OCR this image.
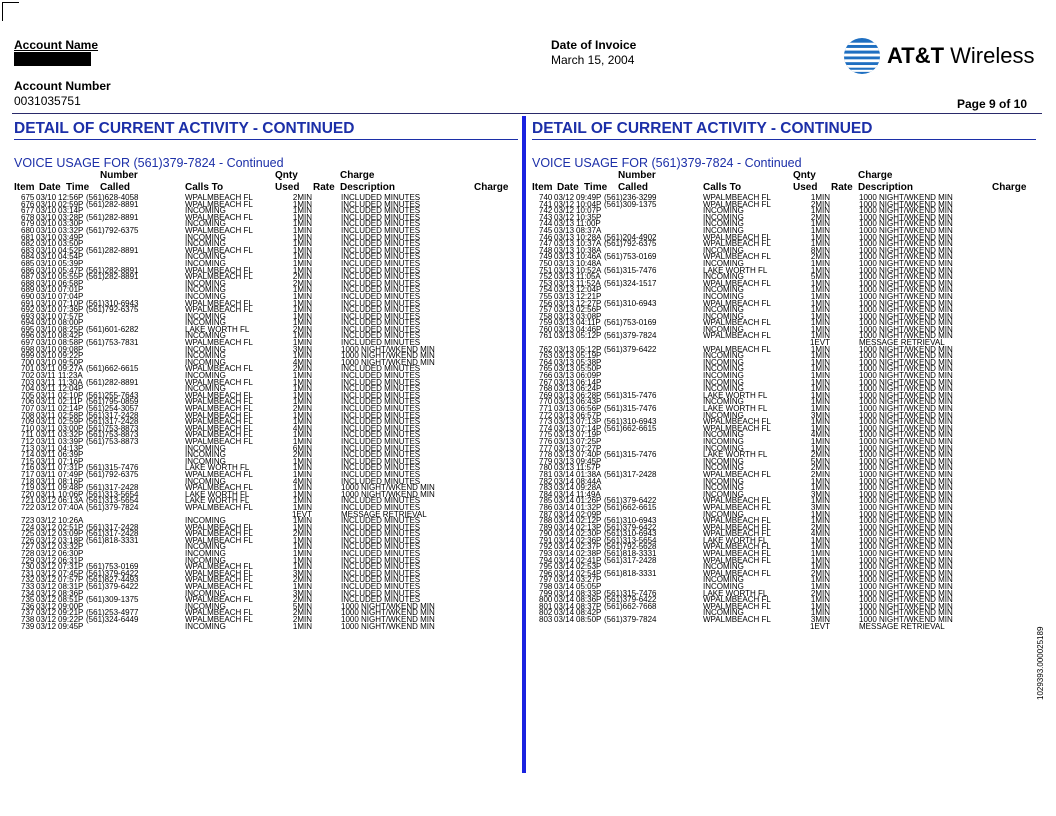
Account Name
Account Number
0031035751
Date of Invoice
March 15, 2004	AT&T Wireless
Page 9 of 10
DETAIL OF CURRENT ACTIVITY - CONTINUED
VOICE USAGE FOR (561)379-7824 - Continued
Number	Qnty	Charge
Item Date Time Called	Calls To	Used Rate Description	Charge
675 03/10 12:56P (561)628-4058	WPALMBEACH FL	2MIN	INCLUDED MINUTES
676 03/10 02:59P (561)282-8891	WPALMBEACH FL	1MIN	INCLUDED MINUTES
677 03/10 03:14P	INCOMING	1MIN	INCLUDED MINUTES
678 03/10 03:28P (561)282-8891	WPALMBEACH FL	1MIN	INCLUDED MINUTES
679 03/10 03:30P	INCOMING	1MIN	INCLUDED MINUTES
680 03/10 03:32P (561)792-6375	WPALMBEACH FL	1MIN	INCLUDED MINUTES
681 03/10 03:49P	INCOMING	1MIN	INCLUDED MINUTES
682 03/10 03:50P	INCOMING	1MIN	INCLUDED MINUTES
683 03/10 04:52P (561)282-8891	WPALMBEACH FL	1MIN	INCLUDED MINUTES
684 03/10 04:54P	INCOMING	1MIN	INCLUDED MINUTES
685 03/10 05:39P	INCOMING	1MIN	INCLUDED MINUTES
686 03/10 05:47P (561)282-8891	WPALMBEACH FL	1MIN	INCLUDED MINUTES
687 03/10 05:55P (561)282-8891	WPALMBEACH FL	2MIN	INCLUDED MINUTES
688 03/10 06:58P	INCOMING	2MIN	INCLUDED MINUTES
689 03/10 07:01P	INCOMING	1MIN	INCLUDED MINUTES
690 03/10 07:04P	INCOMING	1MIN	INCLUDED MINUTES
691 03/10 07:10P (561)310-6943	WPALMBEACH FL	1MIN	INCLUDED MINUTES
692 03/10 07:36P (561)792-6375	WPALMBEACH FL	1MIN	INCLUDED MINUTES
693 03/10 07:57P	INCOMING	1MIN	INCLUDED MINUTES
694 03/10 08:00P	INCOMING	1MIN	INCLUDED MINUTES
695 03/10 08:25P (561)601-6282	LAKE WORTH FL	2MIN	INCLUDED MINUTES
696 03/10 08:42P	INCOMING	1MIN	INCLUDED MINUTES
697 03/10 08:58P (561)753-7831	WPALMBEACH FL	1MIN	INCLUDED MINUTES
698 03/10 09:08P	INCOMING	3MIN	1000 NIGHT/WKEND MIN
699 03/10 09:22P	INCOMING	1MIN	1000 NIGHT/WKEND MIN
700 03/10 09:50P	INCOMING	4MIN	1000 NIGHT/WKEND MIN
701 03/11 09:27A (561)662-6615	WPALMBEACH FL	2MIN	INCLUDED MINUTES
702 03/11 11:23A	INCOMING	1MIN	INCLUDED MINUTES
703 03/11 11:30A (561)282-8891	WPALMBEACH FL	1MIN	INCLUDED MINUTES
704 03/11 12:04P	INCOMING	1MIN	INCLUDED MINUTES
705 03/11 02:10P (561)255-7643	WPALMBEACH FL	1MIN	INCLUDED MINUTES
706 03/11 02:11P (561)795-0859	WPALMBEACH FL	1MIN	INCLUDED MINUTES
707 03/11 02:14P (561)254-3057	WPALMBEACH FL	2MIN	INCLUDED MINUTES
708 03/11 02:58P (561)317-2428	WPALMBEACH FL	1MIN	INCLUDED MINUTES
709 03/11 02:59P (561)317-2428	WPALMBEACH FL	1MIN	INCLUDED MINUTES
710 03/11 03:00P (561)753-8873	WPALMBEACH FL	4MIN	INCLUDED MINUTES
711 03/11 03:32P (561)753-8873	WPALMBEACH FL	1MIN	INCLUDED MINUTES
712 03/11 03:39P (561)753-8873	WPALMBEACH FL	1MIN	INCLUDED MINUTES
713 03/11 04:13P	INCOMING	6MIN	INCLUDED MINUTES
714 03/11 06:39P	INCOMING	2MIN	INCLUDED MINUTES
715 03/11 07:16P	INCOMING	1MIN	INCLUDED MINUTES
716 03/11 07:31P (561)315-7476	LAKE WORTH FL	1MIN	INCLUDED MINUTES
717 03/11 07:49P (561)792-6375	WPALMBEACH FL	1MIN	INCLUDED MINUTES
718 03/11 08:16P	INCOMING	4MIN	INCLUDED MINUTES
719 03/11 09:48P (561)317-2428	WPALMBEACH FL	1MIN	1000 NIGHT/WKEND MIN
720 03/11 10:06P (561)313-5654	LAKE WORTH FL	1MIN	1000 NIGHT/WKEND MIN
721 03/12 06:13A (561)313-5654	LAKE WORTH FL	1MIN	INCLUDED MINUTES
722 03/12 07:40A (561)379-7824	WPALMBEACH FL	1MIN	INCLUDED MINUTES
1EVT	MESSAGE RETRIEVAL
723 03/12 10:26A	INCOMING	1MIN	INCLUDED MINUTES
724 03/12 02:51P (561)317-2428	WPALMBEACH FL	1MIN	INCLUDED MINUTES
725 03/12 03:09P (561)317-2428	WPALMBEACH FL	2MIN	INCLUDED MINUTES
726 03/12 03:18P (561)818-3331	WPALMBEACH FL	1MIN	INCLUDED MINUTES
727 03/12 03:32P	INCOMING	1MIN	INCLUDED MINUTES
728 03/12 06:30P	INCOMING	1MIN	INCLUDED MINUTES
729 03/12 06:31P	INCOMING	1MIN	INCLUDED MINUTES
730 03/12 07:31P (561)753-0169	WPALMBEACH FL	1MIN	INCLUDED MINUTES
731 03/12 07:45P (561)379-6422	WPALMBEACH FL	3MIN	INCLUDED MINUTES
732 03/12 07:57P (561)827-4493	WPALMBEACH FL	2MIN	INCLUDED MINUTES
733 03/12 08:31P (561)379-6422	WPALMBEACH FL	1MIN	INCLUDED MINUTES
734 03/12 08:36P	INCOMING	3MIN	INCLUDED MINUTES
735 03/12 08:51P (561)309-1375	WPALMBEACH FL	2MIN	INCLUDED MINUTES
736 03/12 09:00P	INCOMING	5MIN	1000 NIGHT/WKEND MIN
737 03/12 09:21P (561)253-4977	WPALMBEACH FL	2MIN	1000 NIGHT/WKEND MIN
738 03/12 09:22P (561)324-6449	WPALMBEACH FL	2MIN	1000 NIGHT/WKEND MIN
739 03/12 09:45P	INCOMING	1MIN	1000 NIGHT/WKEND MIN
DETAIL OF CURRENT ACTIVITY - CONTINUED
VOICE USAGE FOR (561)379-7824 - Continued
Number	Qnty	Charge
Item Date Time Called	Calls To	Used Rate Description	Charge
740 03/12 09:49P (561)236-3299	WPALMBEACH FL	1MIN	1000 NIGHT/WKEND MIN
741 03/12 10:04P (561)309-1375	WPALMBEACH FL	2MIN	1000 NIGHT/WKEND MIN
742 03/12 10:07P	INCOMING	1MIN	1000 NIGHT/WKEND MIN
743 03/12 10:35P	INCOMING	2MIN	1000 NIGHT/WKEND MIN
744 03/13 11:00P	INCOMING	1MIN	1000 NIGHT/WKEND MIN
745 03/13 08:37A	INCOMING	1MIN	1000 NIGHT/WKEND MIN
746 03/13 10:28A (561)204-4902	WPALMBEACH FL	1MIN	1000 NIGHT/WKEND MIN
747 03/13 10:37A (561)792-6375	WPALMBEACH FL	1MIN	1000 NIGHT/WKEND MIN
748 03/13 10:38A	INCOMING	8MIN	1000 NIGHT/WKEND MIN
749 03/13 10:46A (561)753-0169	WPALMBEACH FL	2MIN	1000 NIGHT/WKEND MIN
750 03/13 10:48A	INCOMING	1MIN	1000 NIGHT/WKEND MIN
751 03/13 10:52A (561)315-7476	LAKE WORTH FL	1MIN	1000 NIGHT/WKEND MIN
752 03/13 11:05A	INCOMING	5MIN	1000 NIGHT/WKEND MIN
753 03/13 11:52A (561)324-1517	WPALMBEACH FL	1MIN	1000 NIGHT/WKEND MIN
754 03/13 12:04P	INCOMING	1MIN	1000 NIGHT/WKEND MIN
755 03/13 12:21P	INCOMING	1MIN	1000 NIGHT/WKEND MIN
756 03/13 12:27P (561)310-6943	WPALMBEACH FL	1MIN	1000 NIGHT/WKEND MIN
757 03/13 02:56P	INCOMING	1MIN	1000 NIGHT/WKEND MIN
758 03/13 03:08P	INCOMING	1MIN	1000 NIGHT/WKEND MIN
759 03/13 04:11P (561)753-0169	WPALMBEACH FL	1MIN	1000 NIGHT/WKEND MIN
760 03/13 04:46P	INCOMING	1MIN	1000 NIGHT/WKEND MIN
761 03/13 05:12P (561)379-7824	WPALMBEACH FL	1MIN	1000 NIGHT/WKEND MIN
1EVT	MESSAGE RETRIEVAL
762 03/13 05:12P (561)379-6422	WPALMBEACH FL	1MIN	1000 NIGHT/WKEND MIN
763 03/13 05:19P	INCOMING	1MIN	1000 NIGHT/WKEND MIN
764 03/13 05:38P	INCOMING	1MIN	1000 NIGHT/WKEND MIN
765 03/13 05:50P	INCOMING	1MIN	1000 NIGHT/WKEND MIN
766 03/13 06:09P	INCOMING	1MIN	1000 NIGHT/WKEND MIN
767 03/13 06:14P	INCOMING	1MIN	1000 NIGHT/WKEND MIN
768 03/13 06:24P	INCOMING	1MIN	1000 NIGHT/WKEND MIN
769 03/13 06:28P (561)315-7476	LAKE WORTH FL	1MIN	1000 NIGHT/WKEND MIN
770 03/13 06:43P	INCOMING	1MIN	1000 NIGHT/WKEND MIN
771 03/13 06:56P (561)315-7476	LAKE WORTH FL	1MIN	1000 NIGHT/WKEND MIN
772 03/13 06:57P	INCOMING	3MIN	1000 NIGHT/WKEND MIN
773 03/13 07:13P (561)310-6943	WPALMBEACH FL	1MIN	1000 NIGHT/WKEND MIN
774 03/13 07:14P (561)662-6615	WPALMBEACH FL	1MIN	1000 NIGHT/WKEND MIN
775 03/13 07:19P	INCOMING	4MIN	1000 NIGHT/WKEND MIN
776 03/13 07:25P	INCOMING	1MIN	1000 NIGHT/WKEND MIN
777 03/13 07:27P	INCOMING	1MIN	1000 NIGHT/WKEND MIN
778 03/13 07:40P (561)315-7476	LAKE WORTH FL	2MIN	1000 NIGHT/WKEND MIN
779 03/13 09:45P	INCOMING	5MIN	1000 NIGHT/WKEND MIN
780 03/13 11:57P	INCOMING	2MIN	1000 NIGHT/WKEND MIN
781 03/14 01:38A (561)317-2428	WPALMBEACH FL	2MIN	1000 NIGHT/WKEND MIN
782 03/14 08:44A	INCOMING	1MIN	1000 NIGHT/WKEND MIN
783 03/14 09:28A	INCOMING	1MIN	1000 NIGHT/WKEND MIN
784 03/14 11:49A	INCOMING	3MIN	1000 NIGHT/WKEND MIN
785 03/14 01:26P (561)379-6422	WPALMBEACH FL	1MIN	1000 NIGHT/WKEND MIN
786 03/14 01:32P (561)662-6615	WPALMBEACH FL	3MIN	1000 NIGHT/WKEND MIN
787 03/14 02:09P	INCOMING	1MIN	1000 NIGHT/WKEND MIN
788 03/14 02:12P (561)310-6943	WPALMBEACH FL	1MIN	1000 NIGHT/WKEND MIN
789 03/14 02:13P (561)379-6422	WPALMBEACH FL	2MIN	1000 NIGHT/WKEND MIN
790 03/14 02:30P (561)310-6943	WPALMBEACH FL	4MIN	1000 NIGHT/WKEND MIN
791 03/14 02:36P (561)313-5654	LAKE WORTH FL	1MIN	1000 NIGHT/WKEND MIN
792 03/14 02:37P (561)792-5628	WPALMBEACH FL	1MIN	1000 NIGHT/WKEND MIN
793 03/14 02:38P (561)818-3331	WPALMBEACH FL	1MIN	1000 NIGHT/WKEND MIN
794 03/14 02:41P (561)317-2428	WPALMBEACH FL	1MIN	1000 NIGHT/WKEND MIN
795 03/14 02:53P	INCOMING	1MIN	1000 NIGHT/WKEND MIN
796 03/14 02:54P (561)818-3331	WPALMBEACH FL	2MIN	1000 NIGHT/WKEND MIN
797 03/14 03:27P	INCOMING	1MIN	1000 NIGHT/WKEND MIN
798 03/14 05:05P	INCOMING	1MIN	1000 NIGHT/WKEND MIN
799 03/14 08:33P (561)315-7476	LAKE WORTH FL	2MIN	1000 NIGHT/WKEND MIN
800 03/14 08:36P (561)379-6422	WPALMBEACH FL	1MIN	1000 NIGHT/WKEND MIN
801 03/14 08:37P (561)662-7668	WPALMBEACH FL	1MIN	1000 NIGHT/WKEND MIN
802 03/14 08:42P	INCOMING	1MIN	1000 NIGHT/WKEND MIN
803 03/14 08:50P (561)379-7824	WPALMBEACH FL	3MIN	1000 NIGHT/WKEND MIN
1EVT	MESSAGE RETRIEVAL
1029393.000025189
